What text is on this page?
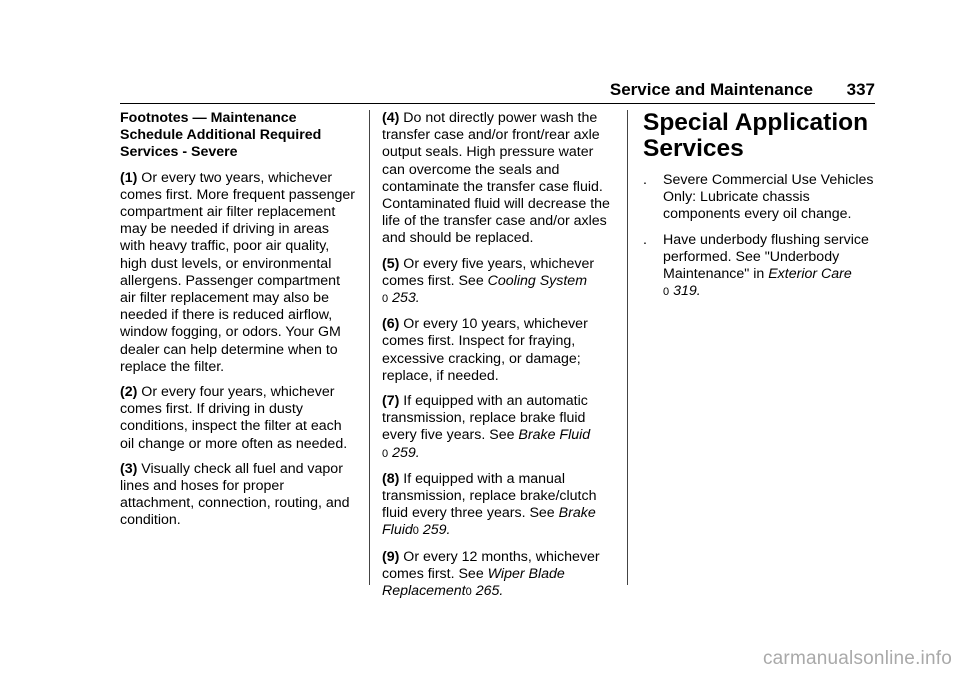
Service and Maintenance 337

Footnotes — Maintenance Schedule Additional Required Services - Severe

(1) Or every two years, whichever comes first. More frequent passenger compartment air filter replacement may be needed if driving in areas with heavy traffic, poor air quality, high dust levels, or environmental allergens. Passenger compartment air filter replacement may also be needed if there is reduced airflow, window fogging, or odors. Your GM dealer can help determine when to replace the filter.

(2) Or every four years, whichever comes first. If driving in dusty conditions, inspect the filter at each oil change or more often as needed.

(3) Visually check all fuel and vapor lines and hoses for proper attachment, connection, routing, and condition.

(4) Do not directly power wash the transfer case and/or front/rear axle output seals. High pressure water can overcome the seals and contaminate the transfer case fluid. Contaminated fluid will decrease the life of the transfer case and/or axles and should be replaced.

(5) Or every five years, whichever comes first. See Cooling System
0 253.

(6) Or every 10 years, whichever comes first. Inspect for fraying, excessive cracking, or damage; replace, if needed.

(7) If equipped with an automatic transmission, replace brake fluid every five years. See Brake Fluid
0 259.

(8) If equipped with a manual transmission, replace brake/clutch fluid every three years. See Brake Fluid0 259.

(9) Or every 12 months, whichever comes first. See Wiper Blade Replacement0 265.

Special Application Services
.	Severe Commercial Use Vehicles Only: Lubricate chassis components every oil change.
.	Have underbody flushing service performed. See "Underbody Maintenance" in Exterior Care
0 319.
carmanualsonline.info
